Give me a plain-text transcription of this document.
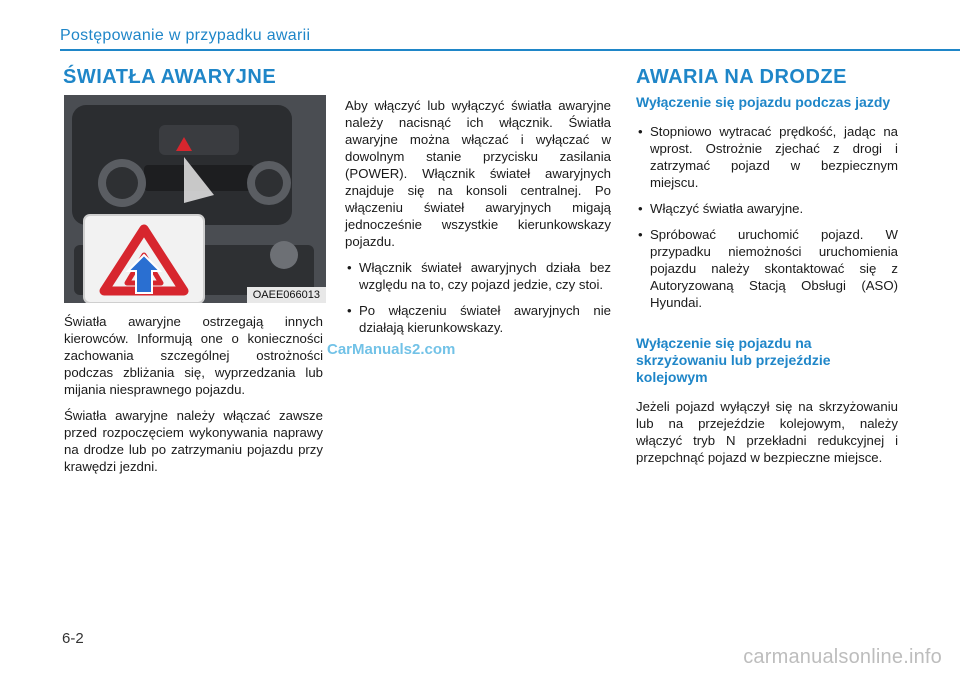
Postępowanie w przypadku awarii
ŚWIATŁA AWARYJNE
OAEE066013

Światła awaryjne ostrzegają innych kierowców. Informują one o konieczności zachowania szczególnej ostrożności podczas zbliżania się, wyprzedzania lub mijania niesprawnego pojazdu.

Światła awaryjne należy włączać zawsze przed rozpoczęciem wykonywania naprawy na drodze lub po zatrzymaniu pojazdu przy krawędzi jezdni.

Aby włączyć lub wyłączyć światła awaryjne należy nacisnąć ich włącznik. Światła awaryjne można włączać i wyłączać w dowolnym stanie przycisku zasilania (POWER). Włącznik świateł awaryjnych znajduje się na konsoli centralnej. Po włączeniu świateł awaryjnych migają jednocześnie wszystkie kierunkowskazy pojazdu.

• Włącznik świateł awaryjnych działa bez względu na to, czy pojazd jedzie, czy stoi.
• Po włączeniu świateł awaryjnych nie działają kierunkowskazy.
AWARIA NA DRODZE
Wyłączenie się pojazdu podczas jazdy
• Stopniowo wytracać prędkość, jadąc na wprost. Ostrożnie zjechać z drogi i zatrzymać pojazd w bezpiecznym miejscu.
• Włączyć światła awaryjne.
• Spróbować uruchomić pojazd. W przypadku niemożności uruchomienia pojazdu należy skontaktować się z Autoryzowaną Stacją Obsługi (ASO) Hyundai.
Wyłączenie się pojazdu na skrzyżowaniu lub przejeździe kolejowym

Jeżeli pojazd wyłączył się na skrzyżowaniu lub na przejeździe kolejowym, należy włączyć tryb N przekładni redukcyjnej i przepchnąć pojazd w bezpieczne miejsce.

CarManuals2.com
6-2
carmanualsonline.info
